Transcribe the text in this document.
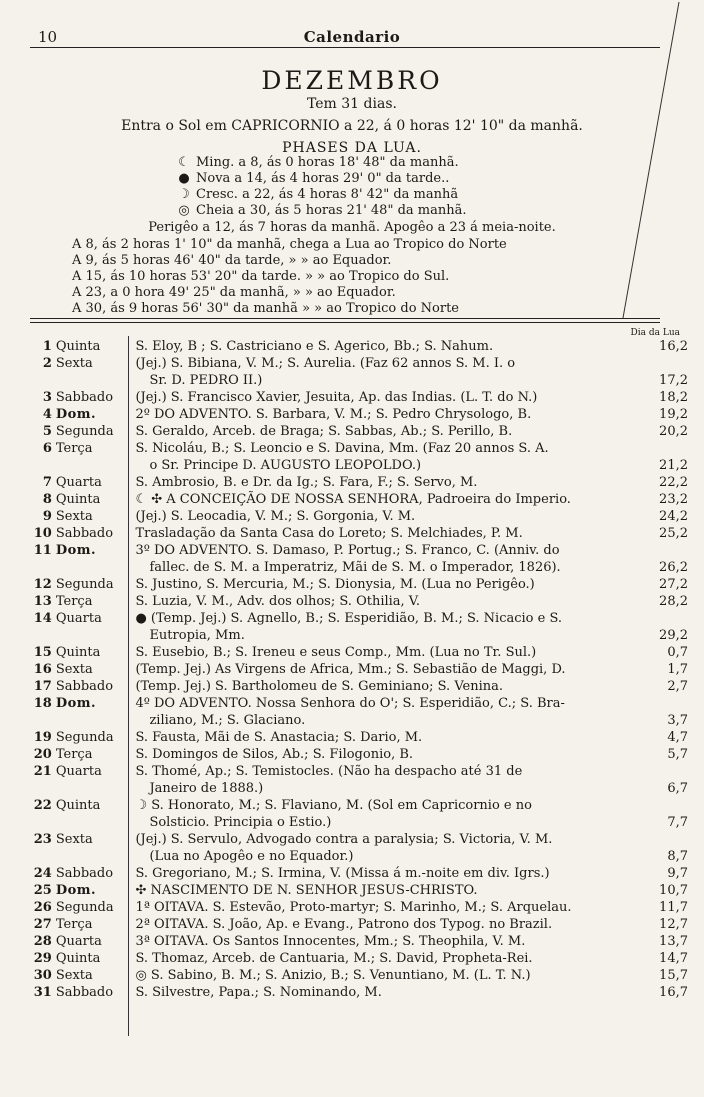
10	Calendario
DEZEMBRO
Tem 31 dias.
Entra o Sol em CAPRICORNIO a 22, á 0 horas 12' 10" da manhã.
PHASES DA LUA.
☾ Ming. a 8, ás 0 horas 18' 48" da manhã.
● Nova a 14, ás 4 horas 29' 0" da tarde..
☽ Cresc. a 22, ás 4 horas 8' 42" da manhã
◎ Cheia a 30, ás 5 horas 21' 48" da manhã.
Perigêo a 12, ás 7 horas da manhã. Apogêo a 23 á meia-noite.
A 8, ás 2 horas 1' 10" da manhã, chega a Lua ao Tropico do Norte
A 9, ás 5 horas 46' 40" da tarde, » » ao Equador.
A 15, ás 10 horas 53' 20" da tarde. » » ao Tropico do Sul.
A 23, a 0 hora 49' 25" da manhã, » » ao Equador.
A 30, ás 9 horas 56' 30" da manhã » » ao Tropico do Norte
Dia da Lua
1 Quinta	S. Eloy, B ; S. Castriciano e S. Agerico, Bb.; S. Nahum.	16,2
2 Sexta	(Jej.) S. Bibiana, V. M.; S. Aurelia. (Faz 62 annos S. M. I. o
Sr. D. PEDRO II.)	17,2
3 Sabbado	(Jej.) S. Francisco Xavier, Jesuita, Ap. das Indias. (L. T. do N.)	18,2
4 Dom.	2º DO ADVENTO. S. Barbara, V. M.; S. Pedro Chrysologo, B.	19,2
5 Segunda	S. Geraldo, Arceb. de Braga; S. Sabbas, Ab.; S. Perillo, B.	20,2
6 Terça	S. Nicoláu, B.; S. Leoncio e S. Davina, Mm. (Faz 20 annos S. A.
o Sr. Principe D. AUGUSTO LEOPOLDO.)	21,2
7 Quarta	S. Ambrosio, B. e Dr. da Ig.; S. Fara, F.; S. Servo, M.	22,2
8 Quinta	☾ ✣ A CONCEIÇÃO DE NOSSA SENHORA, Padroeira do Imperio.	23,2
9 Sexta	(Jej.) S. Leocadia, V. M.; S. Gorgonia, V. M.	24,2
10 Sabbado	Trasladação da Santa Casa do Loreto; S. Melchiades, P. M.	25,2
11 Dom.	3º DO ADVENTO. S. Damaso, P. Portug.; S. Franco, C. (Anniv. do
fallec. de S. M. a Imperatriz, Mãi de S. M. o Imperador, 1826).	26,2
12 Segunda	S. Justino, S. Mercuria, M.; S. Dionysia, M. (Lua no Perigêo.)	27,2
13 Terça	S. Luzia, V. M., Adv. dos olhos; S. Othilia, V.	28,2
14 Quarta	● (Temp. Jej.) S. Agnello, B.; S. Esperidião, B. M.; S. Nicacio e S.
Eutropia, Mm.	29,2
15 Quinta	S. Eusebio, B.; S. Ireneu e seus Comp., Mm. (Lua no Tr. Sul.)	0,7
16 Sexta	(Temp. Jej.) As Virgens de Africa, Mm.; S. Sebastião de Maggi, D.	1,7
17 Sabbado	(Temp. Jej.) S. Bartholomeu de S. Geminiano; S. Venina.	2,7
18 Dom.	4º DO ADVENTO. Nossa Senhora do O'; S. Esperidião, C.; S. Bra-
ziliano, M.; S. Glaciano.	3,7
19 Segunda	S. Fausta, Mãi de S. Anastacia; S. Dario, M.	4,7
20 Terça	S. Domingos de Silos, Ab.; S. Filogonio, B.	5,7
21 Quarta	S. Thomé, Ap.; S. Temistocles. (Não ha despacho até 31 de
Janeiro de 1888.)	6,7
22 Quinta	☽ S. Honorato, M.; S. Flaviano, M. (Sol em Capricornio e no
Solsticio. Principia o Estio.)	7,7
23 Sexta	(Jej.) S. Servulo, Advogado contra a paralysia; S. Victoria, V. M.
(Lua no Apogêo e no Equador.)	8,7
24 Sabbado	S. Gregoriano, M.; S. Irmina, V. (Missa á m.-noite em div. Igrs.)	9,7
25 Dom.	✣ NASCIMENTO DE N. SENHOR JESUS-CHRISTO.	10,7
26 Segunda	1ª OITAVA. S. Estevão, Proto-martyr; S. Marinho, M.; S. Arquelau.	11,7
27 Terça	2ª OITAVA. S. João, Ap. e Evang., Patrono dos Typog. no Brazil.	12,7
28 Quarta	3ª OITAVA. Os Santos Innocentes, Mm.; S. Theophila, V. M.	13,7
29 Quinta	S. Thomaz, Arceb. de Cantuaria, M.; S. David, Propheta-Rei.	14,7
30 Sexta	◎ S. Sabino, B. M.; S. Anizio, B.; S. Venuntiano, M. (L. T. N.)	15,7
31 Sabbado	S. Silvestre, Papa.; S. Nominando, M.	16,7
